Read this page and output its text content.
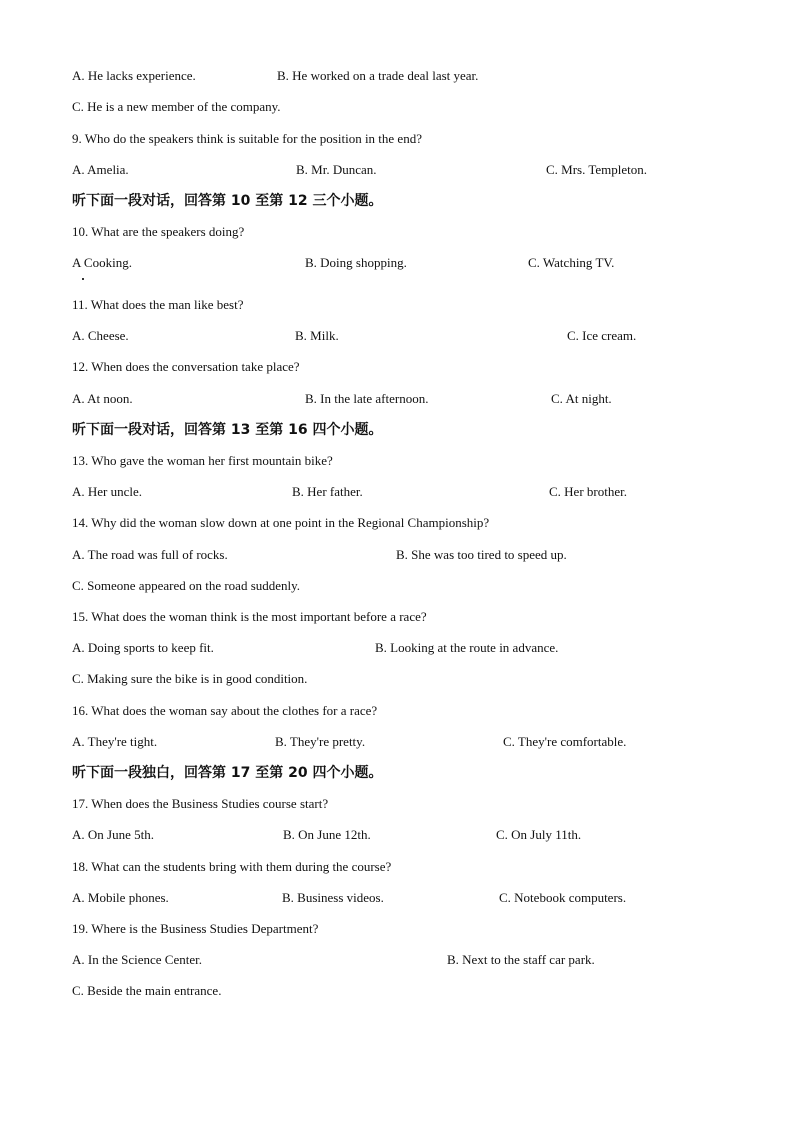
A. He lacks experience.	B. He worked on a trade deal last year.
C. He is a new member of the company.
9. Who do the speakers think is suitable for the position in the end?
A. Amelia.	B. Mr. Duncan.	C. Mrs. Templeton.
听下面一段对话，回答第 10 至第 12 三个小题。
10. What are the speakers doing?
A Cooking.	B. Doing shopping.	C. Watching TV.
11. What does the man like best?
A. Cheese.	B. Milk.	C. Ice cream.
12. When does the conversation take place?
A. At noon.	B. In the late afternoon.	C. At night.
听下面一段对话，回答第 13 至第 16 四个小题。
13. Who gave the woman her first mountain bike?
A. Her uncle.	B. Her father.	C. Her brother.
14. Why did the woman slow down at one point in the Regional Championship?
A. The road was full of rocks.	B. She was too tired to speed up.
C. Someone appeared on the road suddenly.
15. What does the woman think is the most important before a race?
A. Doing sports to keep fit.	B. Looking at the route in advance.
C. Making sure the bike is in good condition.
16. What does the woman say about the clothes for a race?
A. They're tight.	B. They're pretty.	C. They're comfortable.
听下面一段独白，回答第 17 至第 20 四个小题。
17. When does the Business Studies course start?
A. On June 5th.	B. On June 12th.	C. On July 11th.
18. What can the students bring with them during the course?
A. Mobile phones.	B. Business videos.	C. Notebook computers.
19. Where is the Business Studies Department?
A. In the Science Center.	B. Next to the staff car park.
C. Beside the main entrance.
